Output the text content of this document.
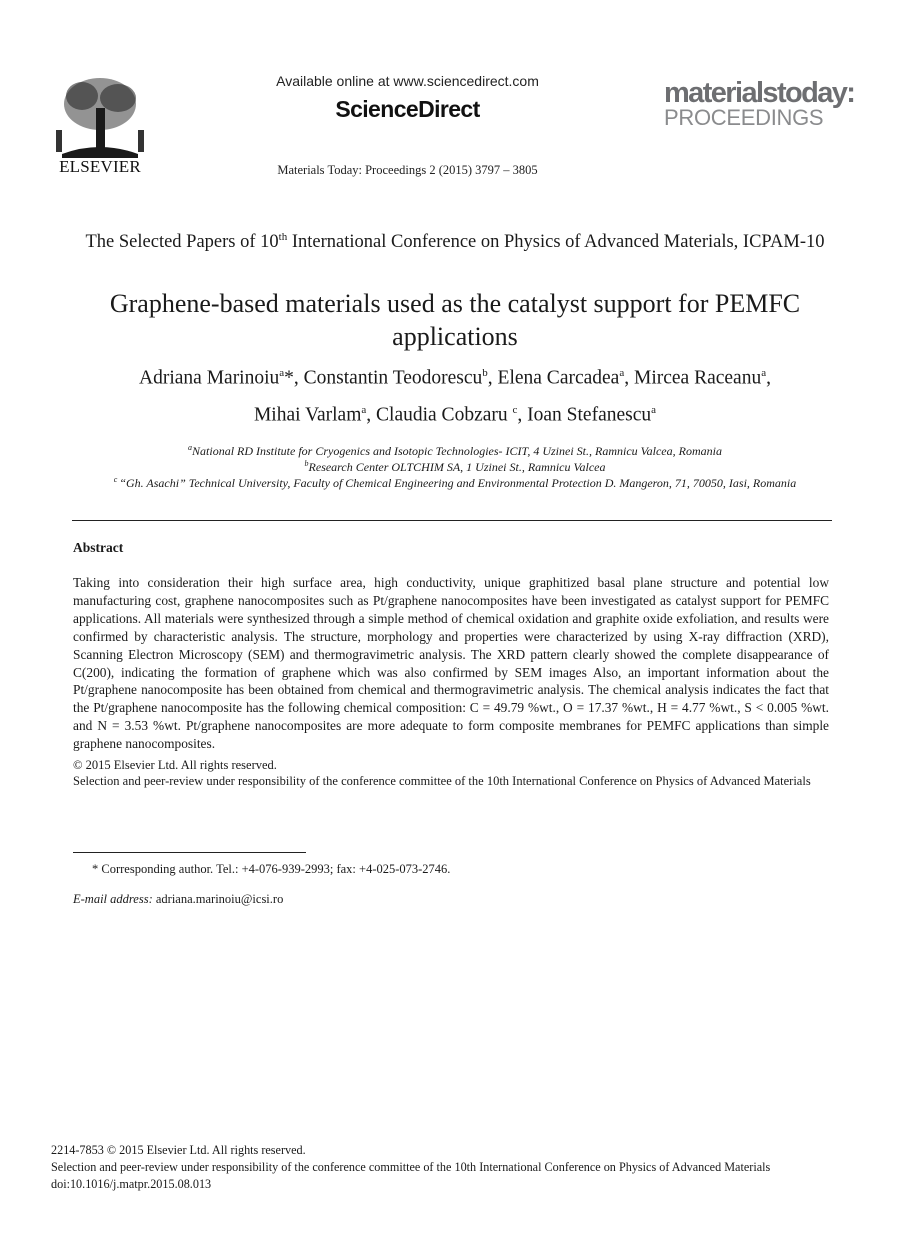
ELSEVIER
Available online at www.sciencedirect.com
ScienceDirect
Materials Today: Proceedings 2 (2015) 3797 – 3805
materialstoday:
PROCEEDINGS
The Selected Papers of 10th International Conference on Physics of Advanced Materials, ICPAM-10
Graphene-based materials used as the catalyst support for PEMFC applications
Adriana Marinoiu$^a$*, Constantin Teodorescu$^b$, Elena Carcadea$^a$, Mircea Raceanu$^a$,
Mihai Varlam$^a$, Claudia Cobzaru $^c$, Ioan Stefanescu$^a$
$^a$National RD Institute for Cryogenics and Isotopic Technologies- ICIT, 4 Uzinei St., Ramnicu Valcea, Romania
$^b$Research Center OLTCHIM SA, 1 Uzinei St., Ramnicu Valcea
$^c$ “Gh. Asachi” Technical University, Faculty of Chemical Engineering and Environmental Protection D. Mangeron, 71, 70050, Iasi, Romania
Abstract
Taking into consideration their high surface area, high conductivity, unique graphitized basal plane structure and potential low manufacturing cost, graphene nanocomposites such as Pt/graphene nanocomposites have been investigated as catalyst support for PEMFC applications. All materials were synthesized through a simple method of chemical oxidation and graphite oxide exfoliation, and results were confirmed by characteristic analysis. The structure, morphology and properties were characterized by using X-ray diffraction (XRD), Scanning Electron Microscopy (SEM) and thermogravimetric analysis. The XRD pattern clearly showed the complete disappearance of C(200), indicating the formation of graphene which was also confirmed by SEM images Also, an important information about the Pt/graphene nanocomposite has been obtained from chemical and thermogravimetric analysis. The chemical analysis indicates the fact that the Pt/graphene nanocomposite has the following chemical composition: C = 49.79 %wt., O = 17.37 %wt., H = 4.77 %wt., S < 0.005 %wt. and N = 3.53 %wt. Pt/graphene nanocomposites are more adequate to form composite membranes for PEMFC applications than simple graphene nanocomposites.
© 2015 Elsevier Ltd. All rights reserved.
Selection and peer-review under responsibility of the conference committee of the 10th International Conference on Physics of Advanced Materials
* Corresponding author. Tel.: +4-076-939-2993; fax: +4-025-073-2746.
E-mail address: adriana.marinoiu@icsi.ro
2214-7853 © 2015 Elsevier Ltd. All rights reserved.
Selection and peer-review under responsibility of the conference committee of the 10th International Conference on Physics of Advanced Materials
doi:10.1016/j.matpr.2015.08.013
